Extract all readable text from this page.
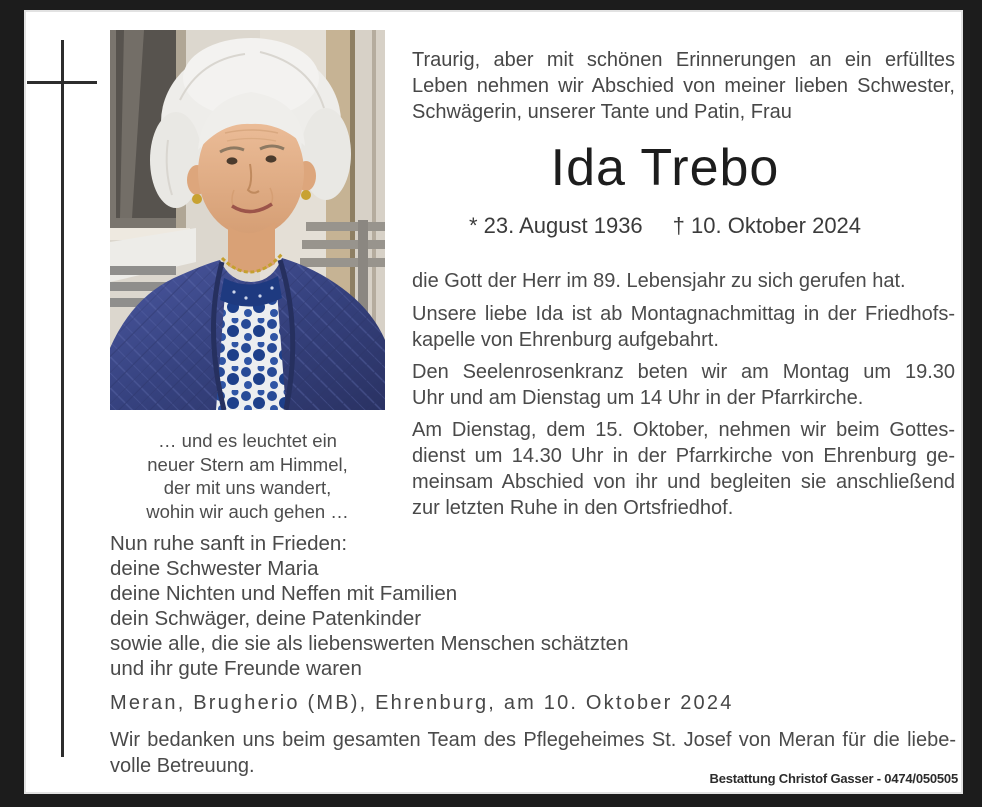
Traurig, aber mit schönen Erinnerungen an ein erfülltes
Leben nehmen wir Abschied von meiner lieben Schwester,
Schwägerin, unserer Tante und Patin, Frau
Ida Trebo
* 23. August 1936 † 10. Oktober 2024
die Gott der Herr im 89. Lebensjahr zu sich gerufen hat.
Unsere liebe Ida ist ab Montagnachmittag in der Friedhofs-
kapelle von Ehrenburg aufgebahrt.
Den Seelenrosenkranz beten wir am Montag um 19.30
Uhr und am Dienstag um 14 Uhr in der Pfarrkirche.
Am Dienstag, dem 15. Oktober, nehmen wir beim Gottes-
dienst um 14.30 Uhr in der Pfarrkirche von Ehrenburg ge-
meinsam Abschied von ihr und begleiten sie anschließend
zur letzten Ruhe in den Ortsfriedhof.
… und es leuchtet ein
neuer Stern am Himmel,
der mit uns wandert,
wohin wir auch gehen …
Nun ruhe sanft in Frieden:
deine Schwester Maria
deine Nichten und Neffen mit Familien
dein Schwäger, deine Patenkinder
sowie alle, die sie als liebenswerten Menschen schätzten
und ihr gute Freunde waren
Meran, Brugherio (MB), Ehrenburg, am 10. Oktober 2024
Wir bedanken uns beim gesamten Team des Pflegeheimes St. Josef von Meran für die liebe-
volle Betreuung.
Bestattung Christof Gasser - 0474/050505
